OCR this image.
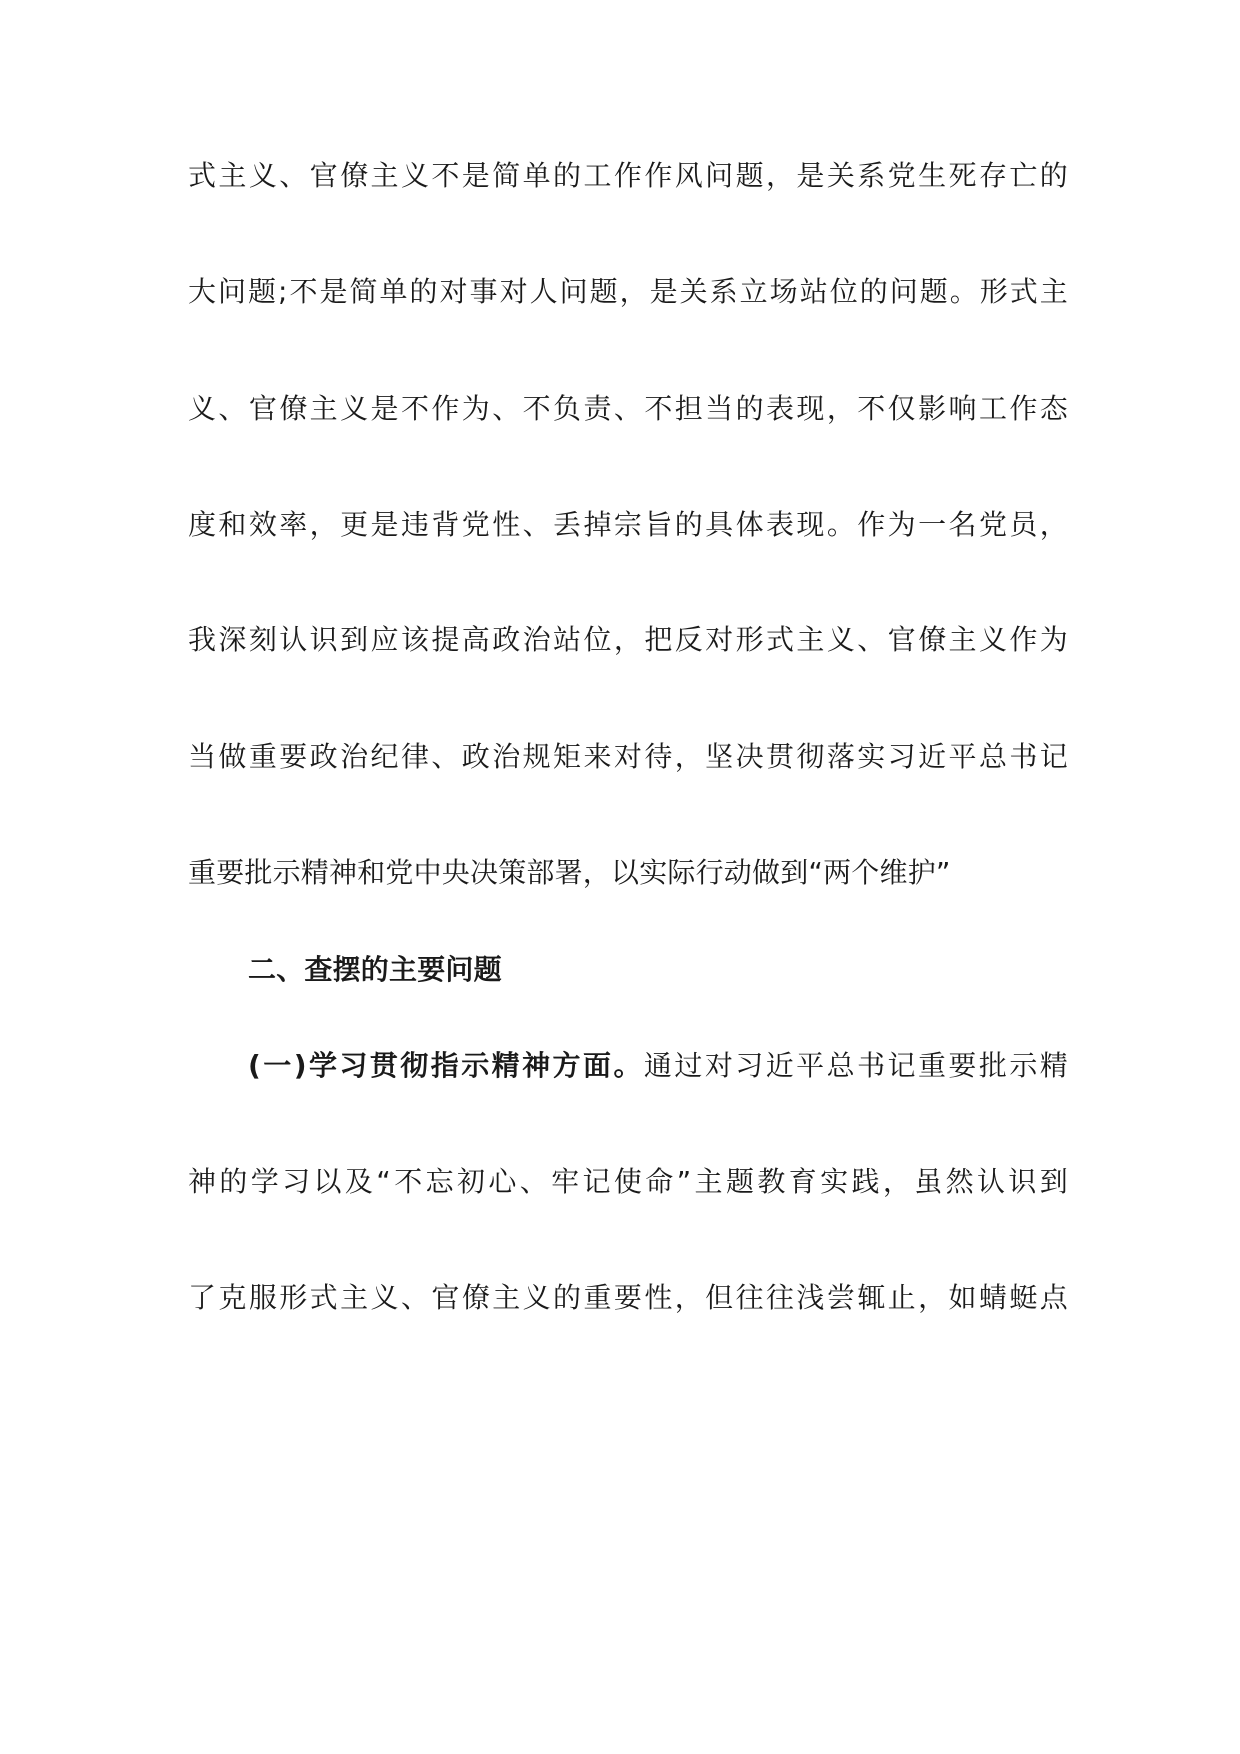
式主义、官僚主义不是简单的工作作风问题，是关系党生死存亡的
大问题;不是简单的对事对人问题，是关系立场站位的问题。形式主
义、官僚主义是不作为、不负责、不担当的表现，不仅影响工作态
度和效率，更是违背党性、丢掉宗旨的具体表现。作为一名党员，
我深刻认识到应该提高政治站位，把反对形式主义、官僚主义作为
当做重要政治纪律、政治规矩来对待，坚决贯彻落实习近平总书记
重要批示精神和党中央决策部署，以实际行动做到“两个维护”
二、查摆的主要问题
(一)学习贯彻指示精神方面。通过对习近平总书记重要批示精
神的学习以及“不忘初心、牢记使命”主题教育实践，虽然认识到
了克服形式主义、官僚主义的重要性，但往往浅尝辄止，如蜻蜓点
